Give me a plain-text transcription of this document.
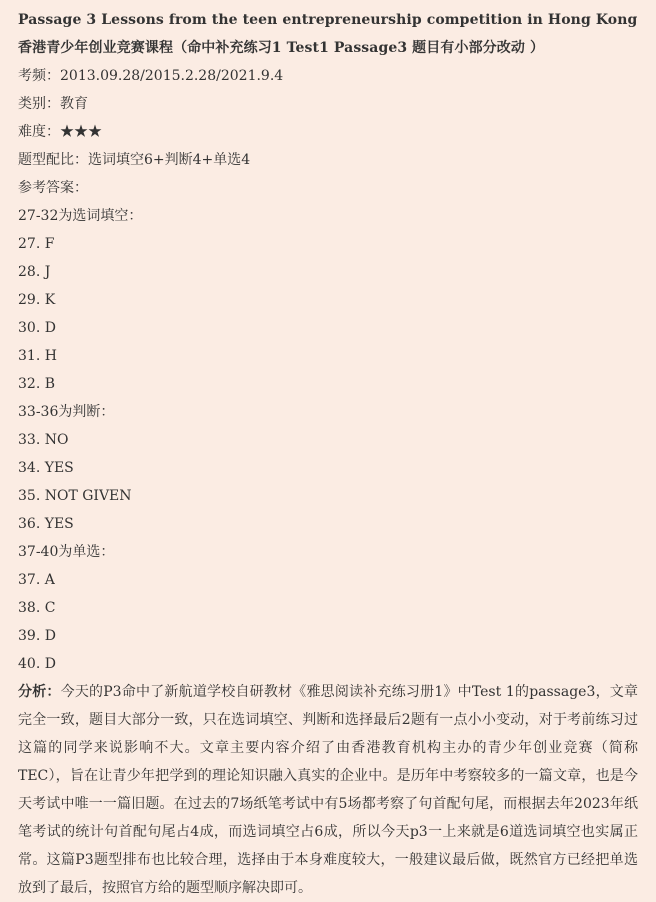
Passage 3 Lessons from the teen entrepreneurship competition in Hong Kong香港青少年创业竞赛课程（命中补充练习1 Test1 Passage3 题目有小部分改动 ）

考频：2013.09.28/2015.2.28/2021.9.4
类别：教育
难度：★★★
题型配比：选词填空6+判断4+单选4
参考答案：
27-32为选词填空：
27. F
28. J
29. K
30. D
31. H
32. B
33-36为判断：
33. NO
34. YES
35. NOT GIVEN
36. YES
37-40为单选：
37. A
38. C
39. D
40. D

分析：今天的P3命中了新航道学校自研教材《雅思阅读补充练习册1》中Test 1的passage3，文章完全一致，题目大部分一致，只在选词填空、判断和选择最后2题有一点小小变动，对于考前练习过这篇的同学来说影响不大。文章主要内容介绍了由香港教育机构主办的青少年创业竞赛（简称TEC），旨在让青少年把学到的理论知识融入真实的企业中。是历年中考察较多的一篇文章，也是今天考试中唯一一篇旧题。在过去的7场纸笔考试中有5场都考察了句首配句尾，而根据去年2023年纸笔考试的统计句首配句尾占4成，而选词填空占6成，所以今天p3一上来就是6道选词填空也实属正常。这篇P3题型排布也比较合理，选择由于本身难度较大，一般建议最后做，既然官方已经把单选放到了最后，按照官方给的题型顺序解决即可。
